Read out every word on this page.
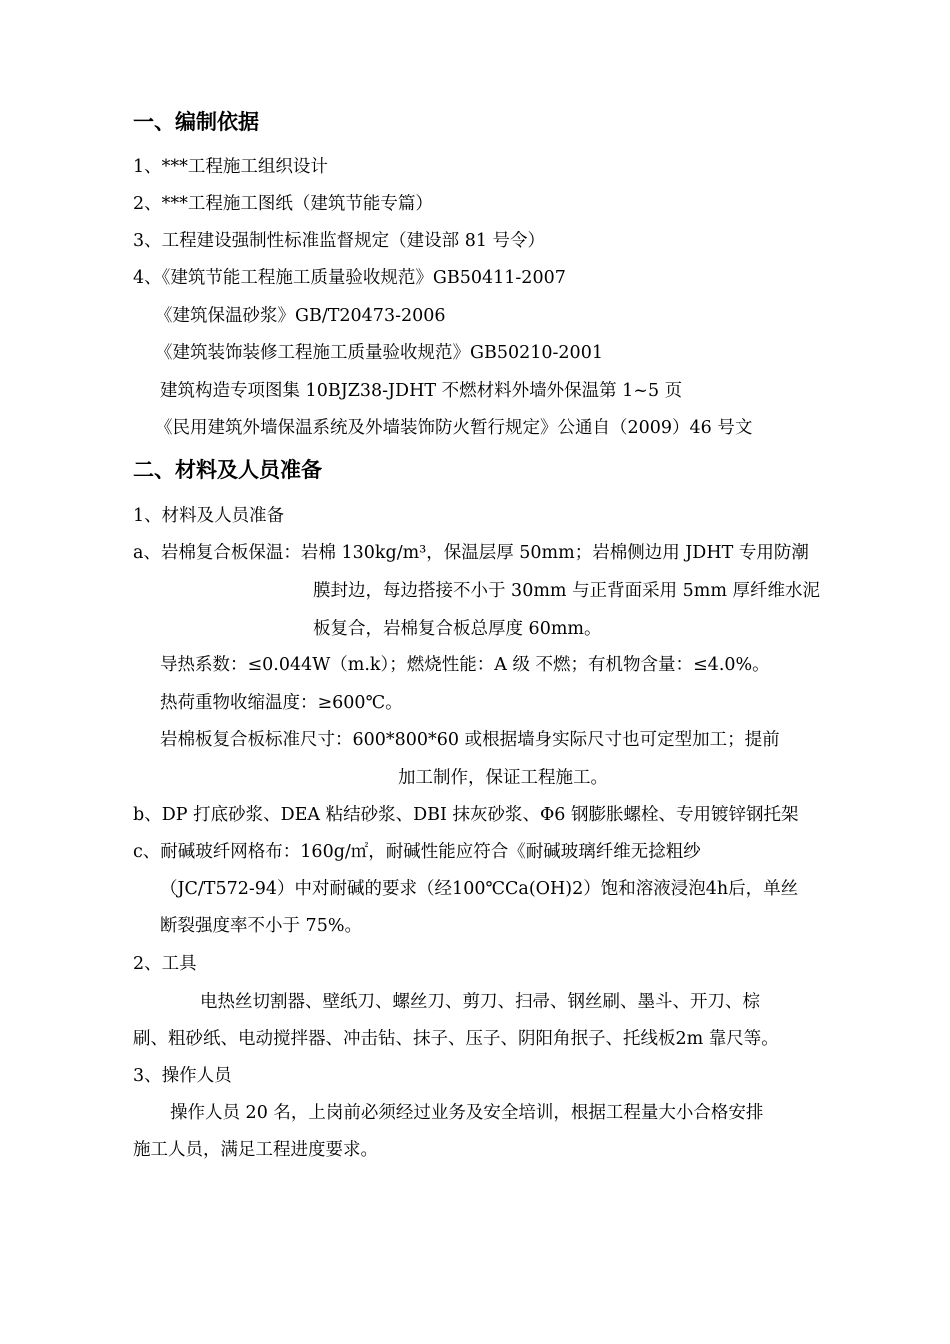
一、编制依据
1、***工程施工组织设计
2、***工程施工图纸（建筑节能专篇）
3、工程建设强制性标准监督规定（建设部 81 号令）
4、《建筑节能工程施工质量验收规范》GB50411-2007
《建筑保温砂浆》GB/T20473-2006
《建筑装饰装修工程施工质量验收规范》GB50210-2001
建筑构造专项图集 10BJZ38-JDHT 不燃材料外墙外保温第 1~5 页
《民用建筑外墙保温系统及外墙装饰防火暂行规定》公通自（2009）46 号文
二、材料及人员准备
1、材料及人员准备
a、岩棉复合板保温：岩棉 130kg/m³，保温层厚 50mm；岩棉侧边用 JDHT 专用防潮
膜封边，每边搭接不小于 30mm 与正背面采用 5mm 厚纤维水泥
板复合，岩棉复合板总厚度 60mm。
导热系数：≤0.044W（m.k）；燃烧性能：A 级 不燃；有机物含量：≤4.0%。
热荷重物收缩温度：≥600℃。
岩棉板复合板标准尺寸：600*800*60 或根据墙身实际尺寸也可定型加工；提前
加工制作，保证工程施工。
b、DP 打底砂浆、DEA 粘结砂浆、DBI 抹灰砂浆、Φ6 钢膨胀螺栓、专用镀锌钢托架
c、耐碱玻纤网格布：160g/㎡，耐碱性能应符合《耐碱玻璃纤维无捻粗纱
（JC/T572-94）中对耐碱的要求（经100℃Ca(OH)2）饱和溶液浸泡4h后，单丝
断裂强度率不小于 75%。
2、工具
电热丝切割器、壁纸刀、螺丝刀、剪刀、扫帚、钢丝刷、墨斗、开刀、棕
刷、粗砂纸、电动搅拌器、冲击钻、抹子、压子、阴阳角抿子、托线板2m 靠尺等。
3、操作人员
操作人员 20 名，上岗前必须经过业务及安全培训，根据工程量大小合格安排
施工人员，满足工程进度要求。
